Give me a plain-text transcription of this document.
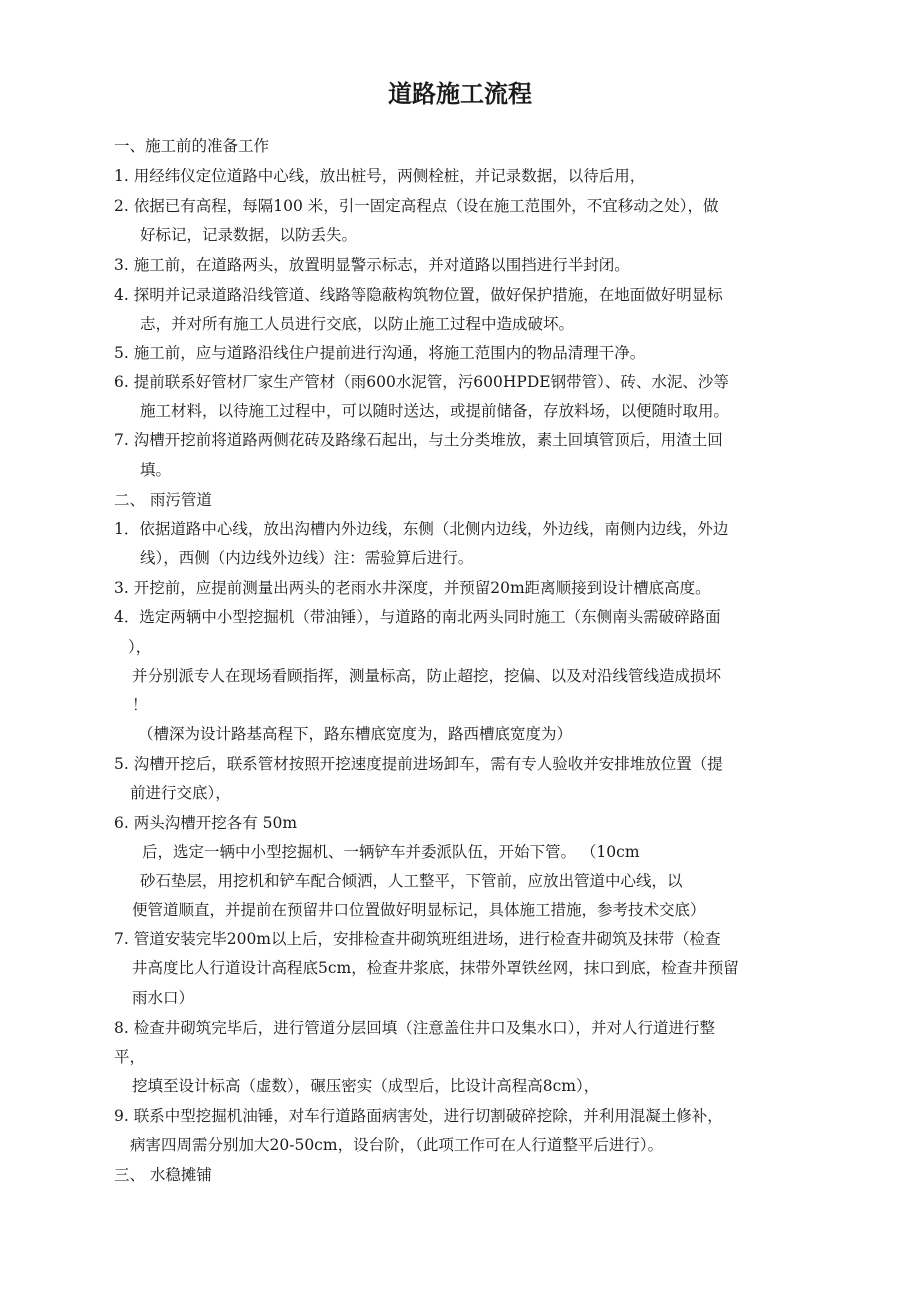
道路施工流程
一、施工前的准备工作
1. 用经纬仪定位道路中心线，放出桩号，两侧栓桩，并记录数据，以待后用，
2. 依据已有高程，每隔100 米，引一固定高程点（设在施工范围外，不宜移动之处），做
好标记，记录数据，以防丢失。
3. 施工前，在道路两头，放置明显警示标志，并对道路以围挡进行半封闭。
4. 探明并记录道路沿线管道、线路等隐蔽构筑物位置，做好保护措施，在地面做好明显标
志，并对所有施工人员进行交底，以防止施工过程中造成破坏。
5. 施工前，应与道路沿线住户提前进行沟通，将施工范围内的物品清理干净。
6. 提前联系好管材厂家生产管材（雨600水泥管，污600HPDE钢带管）、砖、水泥、沙等
施工材料，以待施工过程中，可以随时送达，或提前储备，存放料场，以便随时取用。
7. 沟槽开挖前将道路两侧花砖及路缘石起出，与土分类堆放，素土回填管顶后，用渣土回
填。
二、 雨污管道
1．依据道路中心线，放出沟槽内外边线，东侧（北侧内边线，外边线，南侧内边线，外边
线），西侧（内边线外边线）注：需验算后进行。
3. 开挖前，应提前测量出两头的老雨水井深度，并预留20m距离顺接到设计槽底高度。
4．选定两辆中小型挖掘机（带油锤），与道路的南北两头同时施工（东侧南头需破碎路面
），
并分别派专人在现场看顾指挥，测量标高，防止超挖，挖偏、以及对沿线管线造成损坏
！
（槽深为设计路基高程下，路东槽底宽度为，路西槽底宽度为）
5. 沟槽开挖后，联系管材按照开挖速度提前进场卸车，需有专人验收并安排堆放位置（提
前进行交底），
6. 两头沟槽开挖各有 50m
后，选定一辆中小型挖掘机、一辆铲车并委派队伍，开始下管。 （10cm
砂石垫层，用挖机和铲车配合倾洒，人工整平，下管前，应放出管道中心线，以
便管道顺直，并提前在预留井口位置做好明显标记，具体施工措施，参考技术交底）
7. 管道安装完毕200m以上后，安排检查井砌筑班组进场，进行检查井砌筑及抹带（检查
井高度比人行道设计高程底5cm，检查井浆底，抹带外罩铁丝网，抹口到底，检查井预留
雨水口）
8. 检查井砌筑完毕后，进行管道分层回填（注意盖住井口及集水口），并对人行道进行整
平，
挖填至设计标高（虚数），碾压密实（成型后，比设计高程高8cm），
9. 联系中型挖掘机油锤，对车行道路面病害处，进行切割破碎挖除，并利用混凝土修补，
病害四周需分别加大20-50cm，设台阶，（此项工作可在人行道整平后进行）。
三、 水稳摊铺
